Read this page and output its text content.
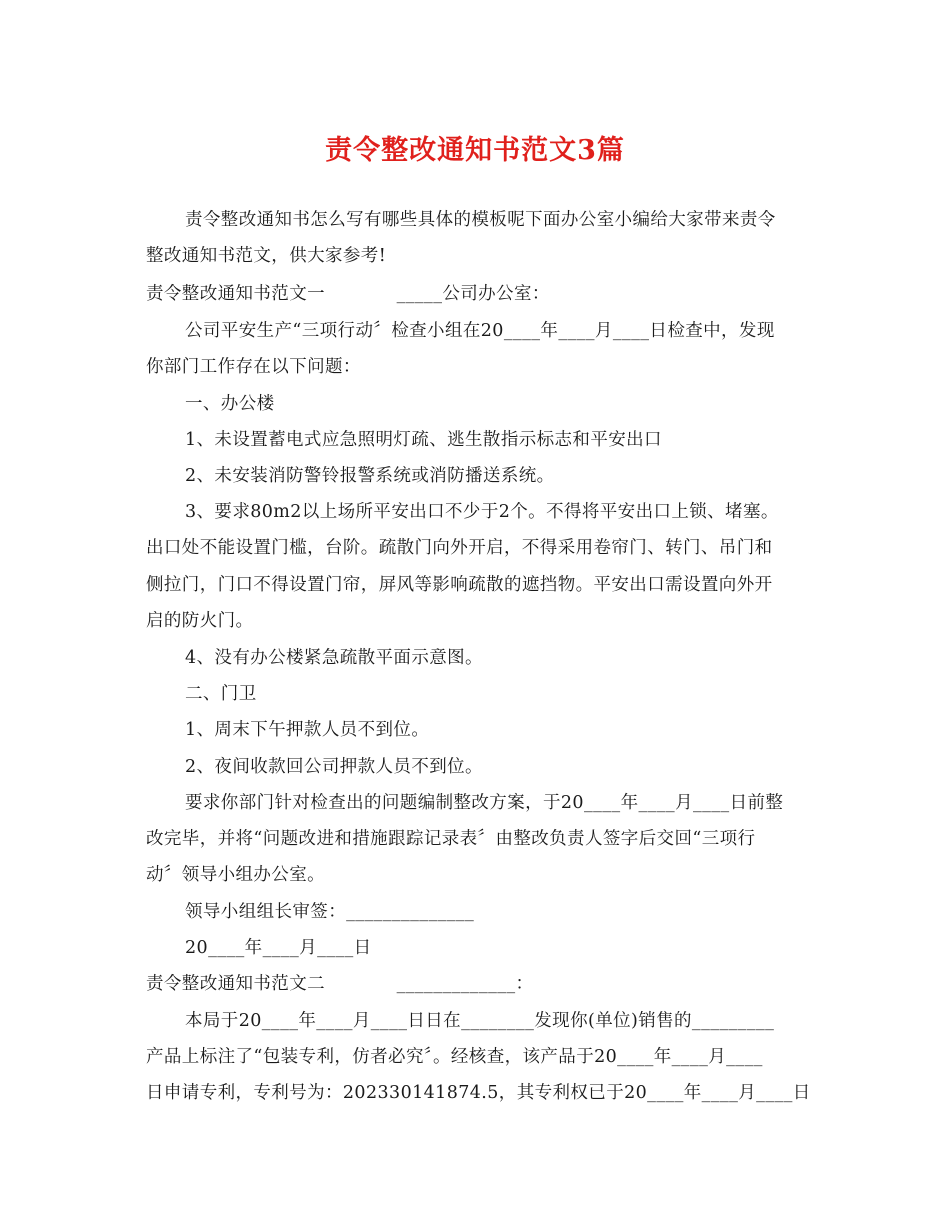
责令整改通知书范文3篇
责令整改通知书怎么写有哪些具体的模板呢下面办公室小编给大家带来责令
整改通知书范文，供大家参考!
责令整改通知书范文一　　　　_____公司办公室：
公司平安生产“三项行动〞检查小组在20____年____月____日检查中，发现
你部门工作存在以下问题：
一、办公楼
1、未设置蓄电式应急照明灯疏、逃生散指示标志和平安出口
2、未安装消防警铃报警系统或消防播送系统。
3、要求80m2以上场所平安出口不少于2个。不得将平安出口上锁、堵塞。
出口处不能设置门槛，台阶。疏散门向外开启，不得采用卷帘门、转门、吊门和
侧拉门，门口不得设置门帘，屏风等影响疏散的遮挡物。平安出口需设置向外开
启的防火门。
4、没有办公楼紧急疏散平面示意图。
二、门卫
1、周末下午押款人员不到位。
2、夜间收款回公司押款人员不到位。
要求你部门针对检查出的问题编制整改方案，于20____年____月____日前整
改完毕，并将“问题改进和措施跟踪记录表〞由整改负责人签字后交回“三项行
动〞领导小组办公室。
领导小组组长审签：______________
20____年____月____日
责令整改通知书范文二　　　　_____________：
本局于20____年____月____日日在________发现你(单位)销售的_________
产品上标注了“包装专利，仿者必究〞。经核查，该产品于20____年____月____
日申请专利，专利号为：202330141874.5，其专利权已于20____年____月____日
